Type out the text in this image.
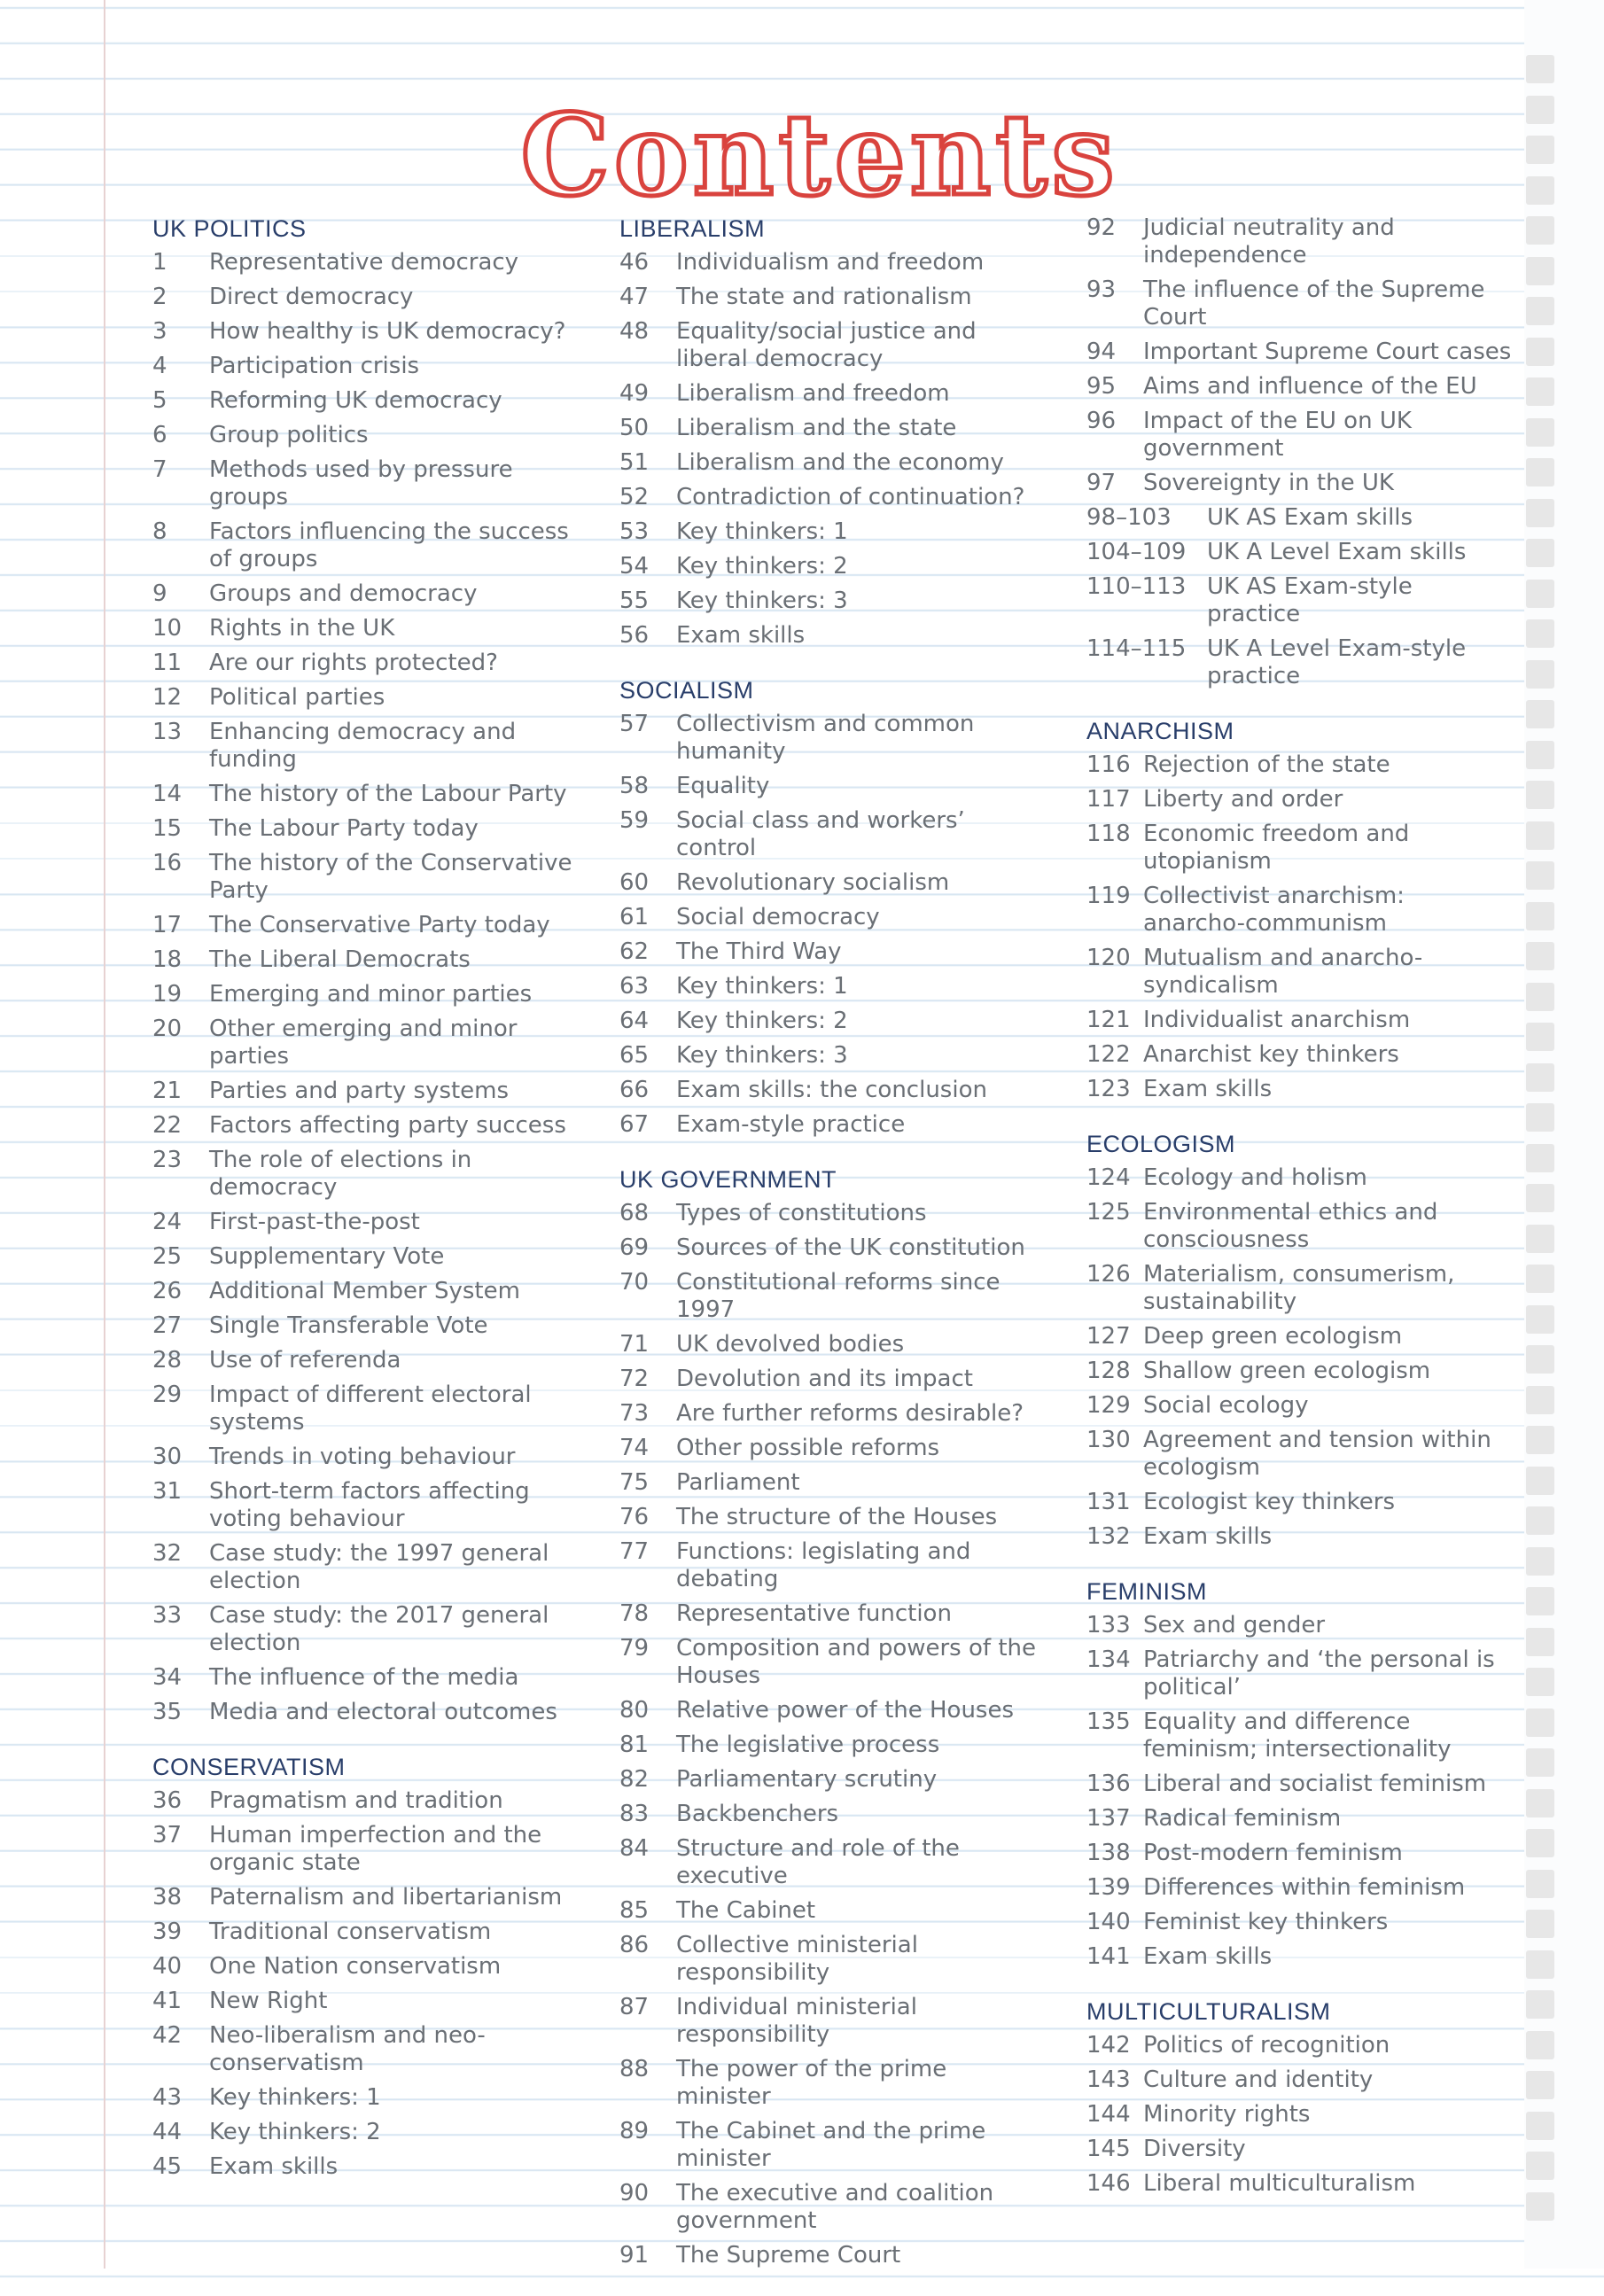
Contents
UK POLITICS
1	Representative democracy
2	Direct democracy
3	How healthy is UK democracy?
4	Participation crisis
5	Reforming UK democracy
6	Group politics
7	Methods used by pressure groups
8	Factors influencing the success of groups
9	Groups and democracy
10	Rights in the UK
11	Are our rights protected?
12	Political parties
13	Enhancing democracy and funding
14	The history of the Labour Party
15	The Labour Party today
16	The history of the Conservative Party
17	The Conservative Party today
18	The Liberal Democrats
19	Emerging and minor parties
20	Other emerging and minor parties
21	Parties and party systems
22	Factors affecting party success
23	The role of elections in democracy
24	First-past-the-post
25	Supplementary Vote
26	Additional Member System
27	Single Transferable Vote
28	Use of referenda
29	Impact of different electoral systems
30	Trends in voting behaviour
31	Short-term factors affecting voting behaviour
32	Case study: the 1997 general election
33	Case study: the 2017 general election
34	The influence of the media
35	Media and electoral outcomes
CONSERVATISM
36	Pragmatism and tradition
37	Human imperfection and the organic state
38	Paternalism and libertarianism
39	Traditional conservatism
40	One Nation conservatism
41	New Right
42	Neo-liberalism and neo-conservatism
43	Key thinkers: 1
44	Key thinkers: 2
45	Exam skills
LIBERALISM
46	Individualism and freedom
47	The state and rationalism
48	Equality/social justice and liberal democracy
49	Liberalism and freedom
50	Liberalism and the state
51	Liberalism and the economy
52	Contradiction of continuation?
53	Key thinkers: 1
54	Key thinkers: 2
55	Key thinkers: 3
56	Exam skills
SOCIALISM
57	Collectivism and common humanity
58	Equality
59	Social class and workers’ control
60	Revolutionary socialism
61	Social democracy
62	The Third Way
63	Key thinkers: 1
64	Key thinkers: 2
65	Key thinkers: 3
66	Exam skills: the conclusion
67	Exam-style practice
UK GOVERNMENT
68	Types of constitutions
69	Sources of the UK constitution
70	Constitutional reforms since 1997
71	UK devolved bodies
72	Devolution and its impact
73	Are further reforms desirable?
74	Other possible reforms
75	Parliament
76	The structure of the Houses
77	Functions: legislating and debating
78	Representative function
79	Composition and powers of the Houses
80	Relative power of the Houses
81	The legislative process
82	Parliamentary scrutiny
83	Backbenchers
84	Structure and role of the executive
85	The Cabinet
86	Collective ministerial responsibility
87	Individual ministerial responsibility
88	The power of the prime minister
89	The Cabinet and the prime minister
90	The executive and coalition government
91	The Supreme Court
92	Judicial neutrality and independence
93	The influence of the Supreme Court
94	Important Supreme Court cases
95	Aims and influence of the EU
96	Impact of the EU on UK government
97	Sovereignty in the UK
98–103	UK AS Exam skills
104–109 UK A Level Exam skills
110–113 UK AS Exam-style practice
114–115 UK A Level Exam-style practice
ANARCHISM
116 Rejection of the state
117 Liberty and order
118 Economic freedom and utopianism
119 Collectivist anarchism: anarcho-communism
120 Mutualism and anarcho-syndicalism
121 Individualist anarchism
122 Anarchist key thinkers
123 Exam skills
ECOLOGISM
124 Ecology and holism
125 Environmental ethics and consciousness
126 Materialism, consumerism, sustainability
127 Deep green ecologism
128 Shallow green ecologism
129 Social ecology
130 Agreement and tension within ecologism
131 Ecologist key thinkers
132 Exam skills
FEMINISM
133 Sex and gender
134 Patriarchy and ‘the personal is political’
135 Equality and difference feminism; intersectionality
136 Liberal and socialist feminism
137 Radical feminism
138 Post-modern feminism
139 Differences within feminism
140 Feminist key thinkers
141 Exam skills
MULTICULTURALISM
142 Politics of recognition
143 Culture and identity
144 Minority rights
145 Diversity
146 Liberal multiculturalism
